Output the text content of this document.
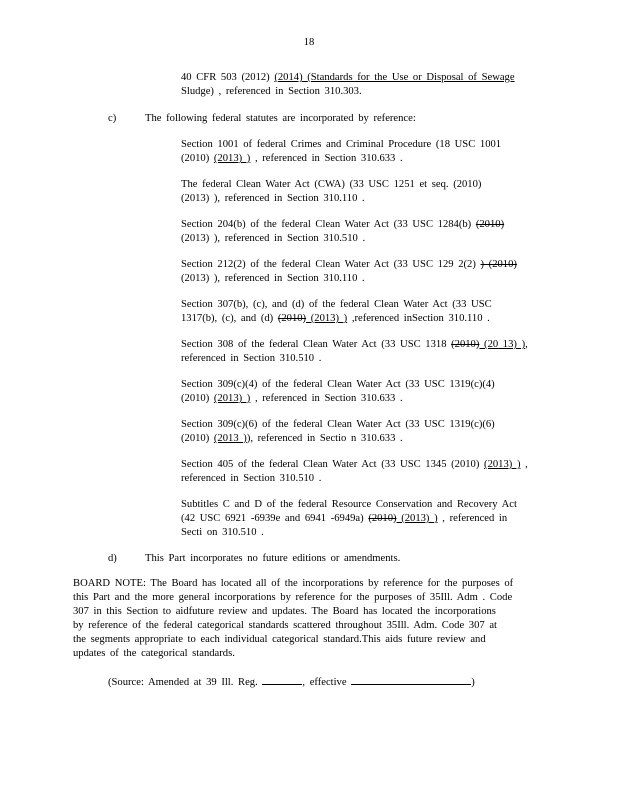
18
40 CFR 503 (2012) (2014) (Standards for the Use or Disposal of Sewage
Sludge) , referenced in Section 310.303.
c)	The following federal statutes are incorporated by reference:
Section 1001 of federal Crimes and Criminal Procedure (18 USC 1001
(2010) (2013) ) , referenced in Section 310.633 .
The federal Clean Water Act (CWA) (33 USC 1251 et seq. (2010)
(2013) ), referenced in Section 310.110 .
Section 204(b) of the federal Clean Water Act (33 USC 1284(b) (2010)
(2013) ), referenced in Section 310.510 .
Section 212(2) of the federal Clean Water Act (33 USC 129 2(2) ) (2010)
(2013) ), referenced in Section 310.110 .
Section 307(b), (c), and (d) of the federal Clean Water Act (33 USC
1317(b), (c), and (d) (2010) (2013) ) ,referenced inSection 310.110 .
Section 308 of the federal Clean Water Act (33 USC 1318 (2010) (20 13) ),
referenced in Section 310.510 .
Section 309(c)(4) of the federal Clean Water Act (33 USC 1319(c)(4)
(2010) (2013) ) , referenced in Section 310.633 .
Section 309(c)(6) of the federal Clean Water Act (33 USC 1319(c)(6)
(2010) (2013 )), referenced in Sectio n 310.633 .
Section 405 of the federal Clean Water Act (33 USC 1345 (2010) (2013) ) ,
referenced in Section 310.510 .
Subtitles C and D of the federal Resource Conservation and Recovery Act
(42 USC 6921 -6939e and 6941 -6949a) (2010) (2013) ) , referenced in
Secti on 310.510 .
d)	This Part incorporates no future editions or amendments.
BOARD NOTE: The Board has located all of the incorporations by reference for the purposes of
this Part and the more general incorporations by reference for the purposes of 35Ill. Adm . Code
307 in this Section to aidfuture review and updates. The Board has located the incorporations
by reference of the federal categorical standards scattered throughout 35Ill. Adm. Code 307 at
the segments appropriate to each individual categorical standard.This aids future review and
updates of the categorical standards.
(Source: Amended at 39 Ill. Reg.	, effective	)
